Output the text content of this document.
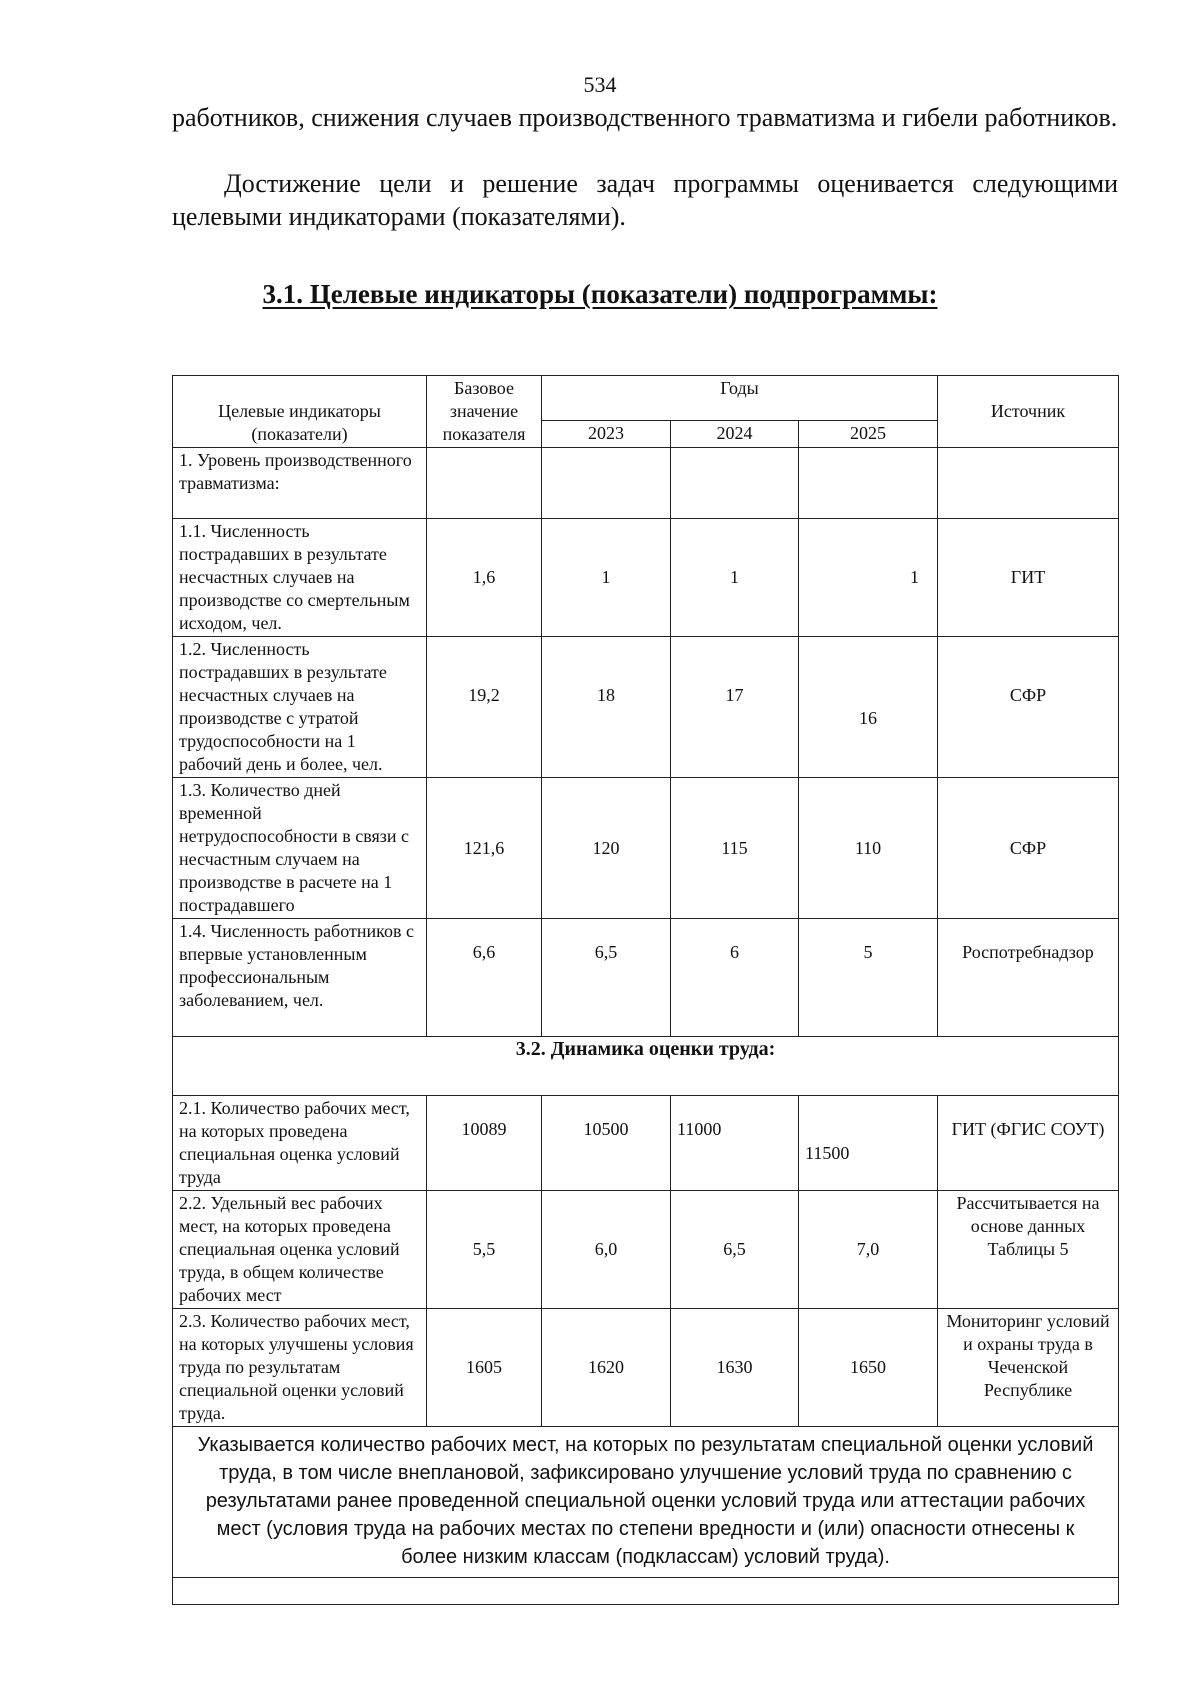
534
работников, снижения случаев производственного травматизма и гибели работников.
Достижение цели и решение задач программы оценивается следующими целевыми индикаторами (показателями).
3.1. Целевые индикаторы (показатели) подпрограммы:
Целевые индикаторы (показатели)	Базовое значение показателя	Годы			Источник
		2023	2024	2025	
1. Уровень производственного травматизма:					
1.1. Численность пострадавших в результате несчастных случаев на производстве со смертельным исходом, чел.	1,6	1	1	1	ГИТ
1.2. Численность пострадавших в результате несчастных случаев на производстве с утратой трудоспособности на 1 рабочий день и более, чел.	19,2	18	17	16	СФР
1.3. Количество дней временной нетрудоспособности в связи с несчастным случаем на производстве в расчете на 1 пострадавшего	121,6	120	115	110	СФР
1.4. Численность работников с впервые установленным профессиональным заболеванием, чел.	6,6	6,5	6	5	Роспотребнадзор
3.2. Динамика оценки труда:					
2.1. Количество рабочих мест, на которых проведена специальная оценка условий труда	10089	10500	11000	11500	ГИТ (ФГИС СОУТ)
2.2. Удельный вес рабочих мест, на которых проведена специальная оценка условий труда, в общем количестве рабочих мест	5,5	6,0	6,5	7,0	Рассчитывается на основе данных Таблицы 5
2.3. Количество рабочих мест, на которых улучшены условия труда по результатам специальной оценки условий труда.	1605	1620	1630	1650	Мониторинг условий и охраны труда в Чеченской Республике
Указывается количество рабочих мест, на которых по результатам специальной оценки условий труда, в том числе внеплановой, зафиксировано улучшение условий труда по сравнению с результатами ранее проведенной специальной оценки условий труда или аттестации рабочих мест (условия труда на рабочих местах по степени вредности и (или) опасности отнесены к более низким классам (подклассам) условий труда).					
